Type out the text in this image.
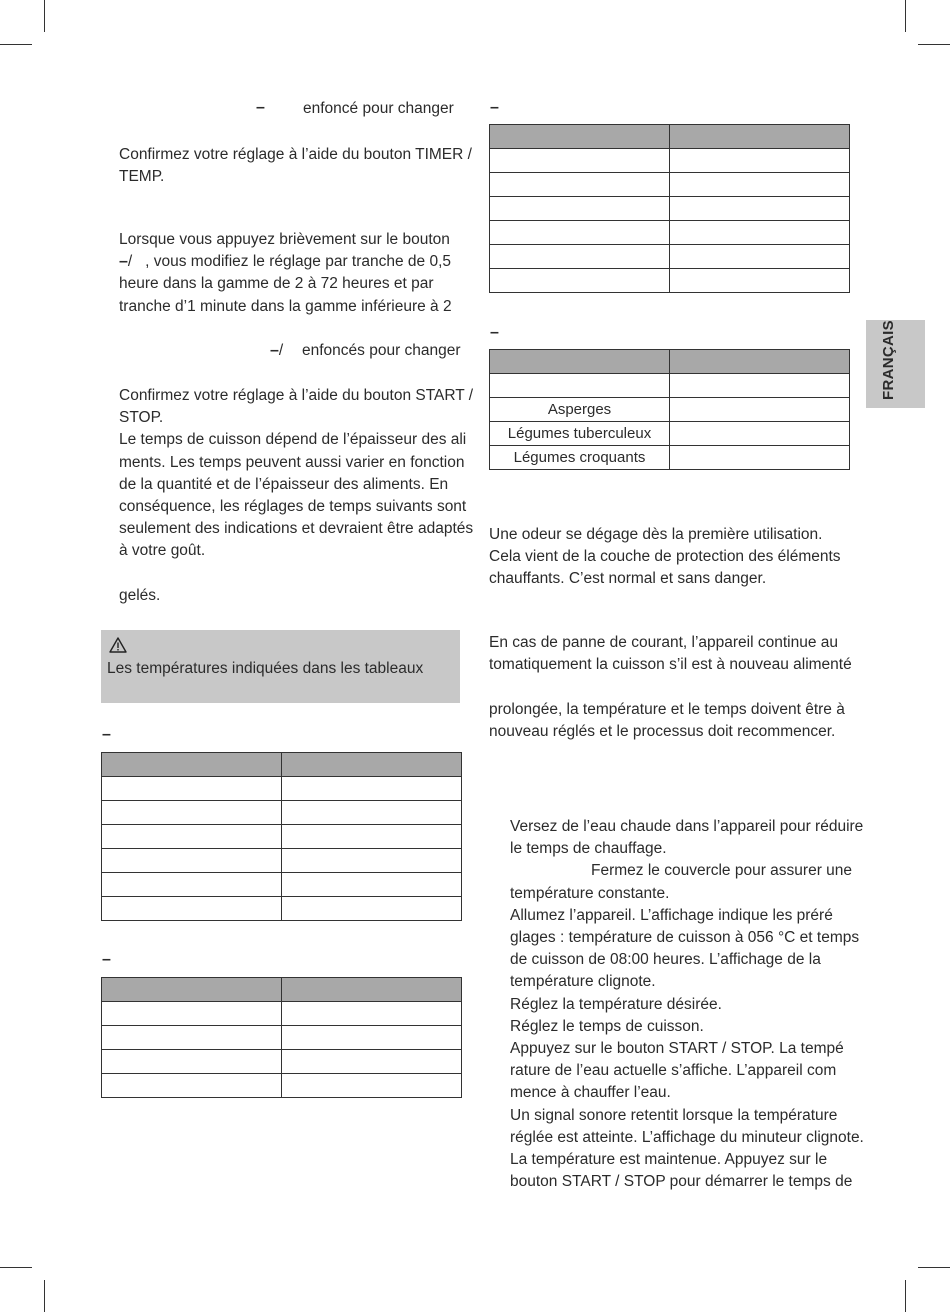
– enfoncé pour changer
Confirmez votre réglage à l’aide du bouton TIMER /
TEMP.
Lorsque vous appuyez brièvement sur le bouton
–/ , vous modifiez le réglage par tranche de 0,5
heure dans la gamme de 2 à 72 heures et par
tranche d’1 minute dans la gamme inférieure à 2
–/ enfoncés pour changer
Confirmez votre réglage à l’aide du bouton START /
STOP.
Le temps de cuisson dépend de l’épaisseur des ali
ments. Les temps peuvent aussi varier en fonction
de la quantité et de l’épaisseur des aliments. En
conséquence, les réglages de temps suivants sont
seulement des indications et devraient être adaptés
à votre goût.
gelés.
Les températures indiquées dans les tableaux
–

–

–

–

Asperges	
Légumes tuberculeux	
Légumes croquants	
Une odeur se dégage dès la première utilisation.
Cela vient de la couche de protection des éléments
chauffants. C’est normal et sans danger.
En cas de panne de courant, l’appareil continue au
tomatiquement la cuisson s’il est à nouveau alimenté
prolongée, la température et le temps doivent être à
nouveau réglés et le processus doit recommencer.
Versez de l’eau chaude dans l’appareil pour réduire
le temps de chauffage.
Fermez le couvercle pour assurer une
température constante.
Allumez l’appareil. L’affichage indique les préré
glages : température de cuisson à 056 °C et temps
de cuisson de 08:00 heures. L’affichage de la
température clignote.
Réglez la température désirée.
Réglez le temps de cuisson.
Appuyez sur le bouton START / STOP. La tempé
rature de l’eau actuelle s’affiche. L’appareil com
mence à chauffer l’eau.
Un signal sonore retentit lorsque la température
réglée est atteinte. L’affichage du minuteur clignote.
La température est maintenue. Appuyez sur le
bouton START / STOP pour démarrer le temps de
FRANÇAIS
